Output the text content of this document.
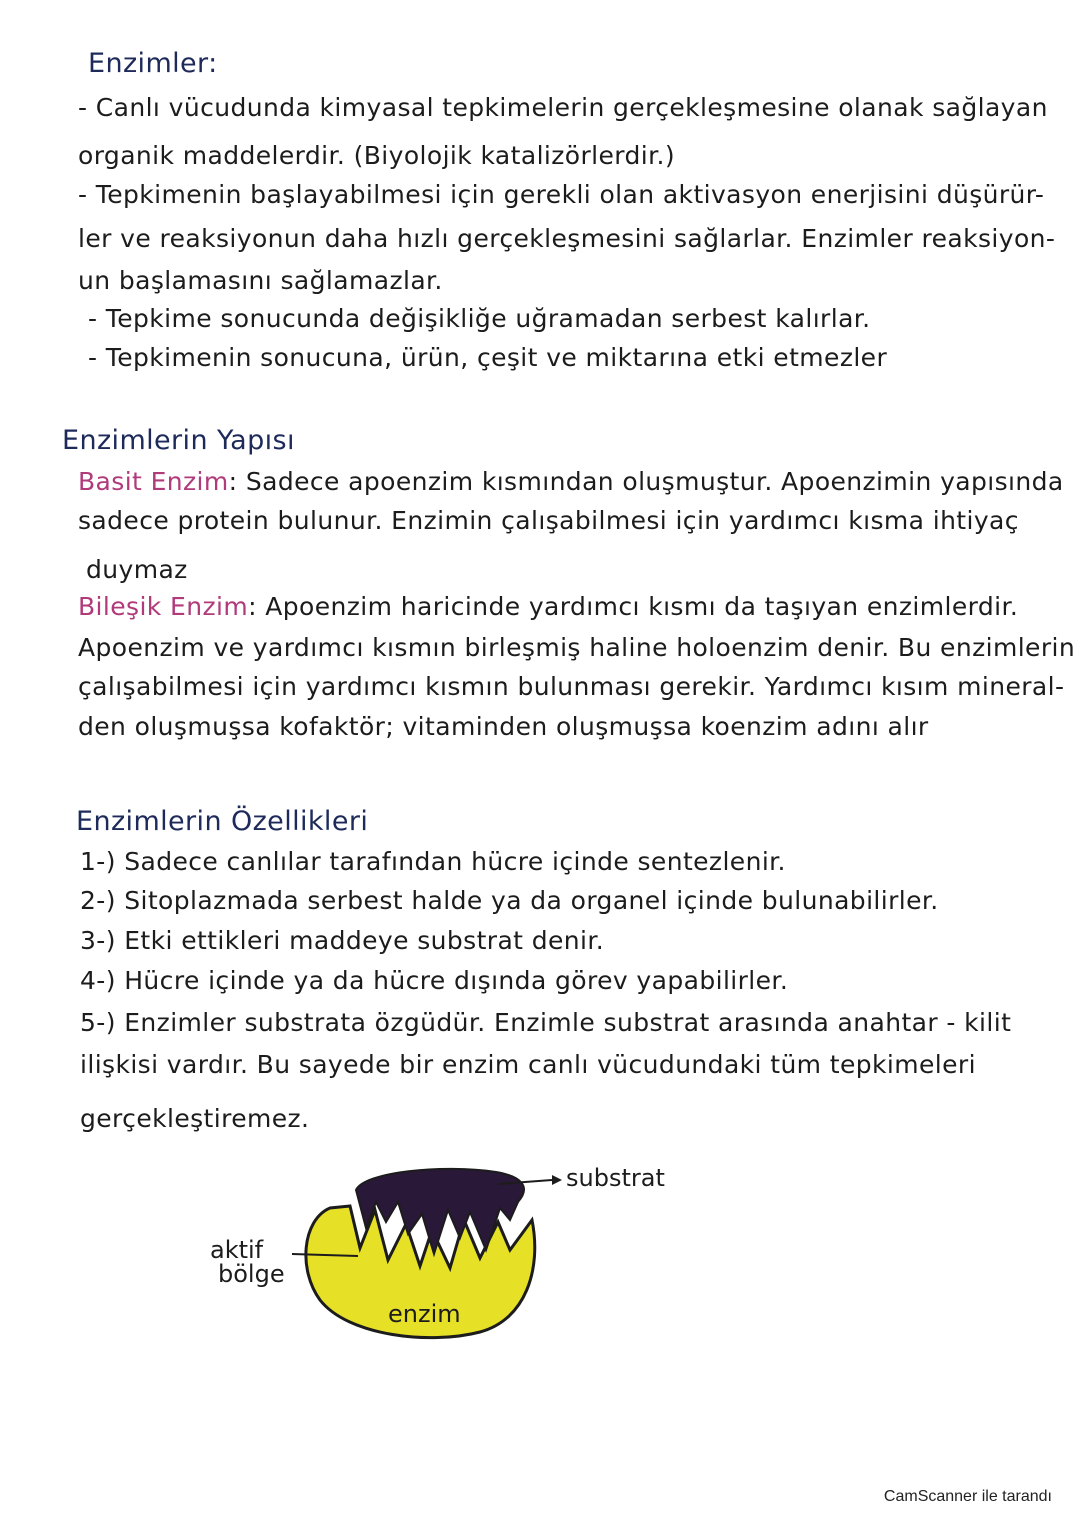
Enzimler:
- Canlı vücudunda kimyasal tepkimelerin gerçekleşmesine olanak sağlayan
organik maddelerdir. (Biyolojik katalizörlerdir.)
- Tepkimenin başlayabilmesi için gerekli olan aktivasyon enerjisini düşürür-
ler ve reaksiyonun daha hızlı gerçekleşmesini sağlarlar. Enzimler reaksiyon-
un başlamasını sağlamazlar.
- Tepkime sonucunda değişikliğe uğramadan serbest kalırlar.
- Tepkimenin sonucuna, ürün, çeşit ve miktarına etki etmezler
Enzimlerin Yapısı
Basit Enzim: Sadece apoenzim kısmından oluşmuştur. Apoenzimin yapısında
sadece protein bulunur. Enzimin çalışabilmesi için yardımcı kısma ihtiyaç
duymaz
Bileşik Enzim: Apoenzim haricinde yardımcı kısmı da taşıyan enzimlerdir.
Apoenzim ve yardımcı kısmın birleşmiş haline holoenzim denir. Bu enzimlerin
çalışabilmesi için yardımcı kısmın bulunması gerekir. Yardımcı kısım mineral-
den oluşmuşsa kofaktör; vitaminden oluşmuşsa koenzim adını alır
Enzimlerin Özellikleri
1-) Sadece canlılar tarafından hücre içinde sentezlenir.
2-) Sitoplazmada serbest halde ya da organel içinde bulunabilirler.
3-) Etki ettikleri maddeye substrat denir.
4-) Hücre içinde ya da hücre dışında görev yapabilirler.
5-) Enzimler substrata özgüdür. Enzimle substrat arasında anahtar - kilit
ilişkisi vardır. Bu sayede bir enzim canlı vücudundaki tüm tepkimeleri
gerçekleştiremez.
substrat
aktif
bölge
enzim
CamScanner ile tarandı
